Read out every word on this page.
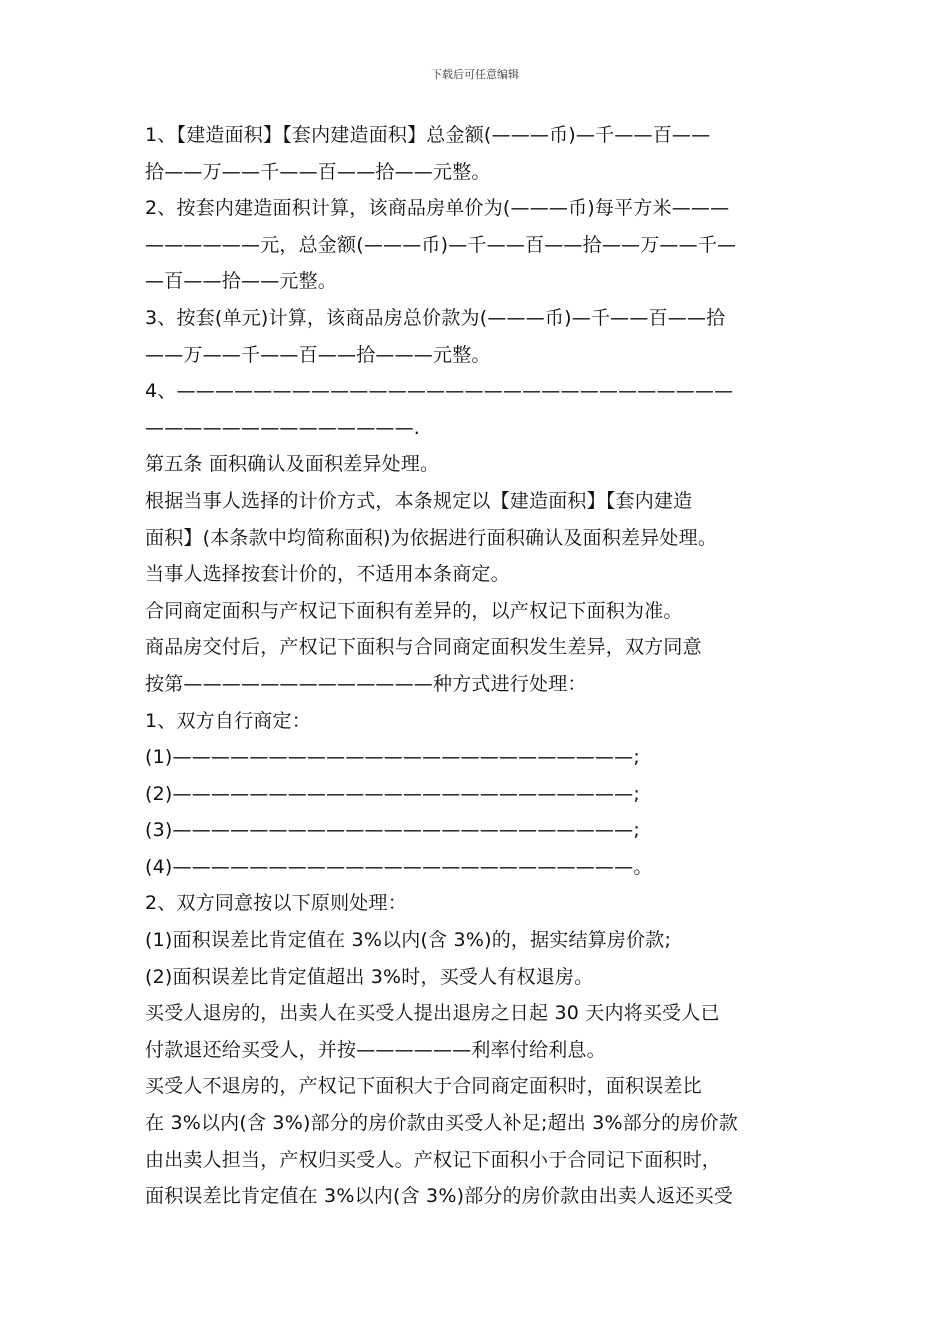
下载后可任意编辑
1、【建造面积】【套内建造面积】总金额(———币)—千——百——
拾——万——千——百——拾——元整。
2、按套内建造面积计算，该商品房单价为(———币)每平方米———
——————元，总金额(———币)—千——百——拾——万——千—
—百——拾——元整。
3、按套(单元)计算，该商品房总价款为(———币)—千——百——拾
——万——千——百——拾———元整。
4、—————————————————————————————
——————————————.
第五条 面积确认及面积差异处理。
根据当事人选择的计价方式，本条规定以【建造面积】【套内建造
面积】(本条款中均简称面积)为依据进行面积确认及面积差异处理。
当事人选择按套计价的，不适用本条商定。
合同商定面积与产权记下面积有差异的，以产权记下面积为准。
商品房交付后，产权记下面积与合同商定面积发生差异，双方同意
按第—————————————种方式进行处理：
1、双方自行商定：
(1)————————————————————————;
(2)————————————————————————;
(3)————————————————————————;
(4)————————————————————————。
2、双方同意按以下原则处理：
(1)面积误差比肯定值在 3%以内(含 3%)的，据实结算房价款;
(2)面积误差比肯定值超出 3%时，买受人有权退房。
买受人退房的，出卖人在买受人提出退房之日起 30 天内将买受人已
付款退还给买受人，并按——————利率付给利息。
买受人不退房的，产权记下面积大于合同商定面积时，面积误差比
在 3%以内(含 3%)部分的房价款由买受人补足;超出 3%部分的房价款
由出卖人担当，产权归买受人。产权记下面积小于合同记下面积时，
面积误差比肯定值在 3%以内(含 3%)部分的房价款由出卖人返还买受
